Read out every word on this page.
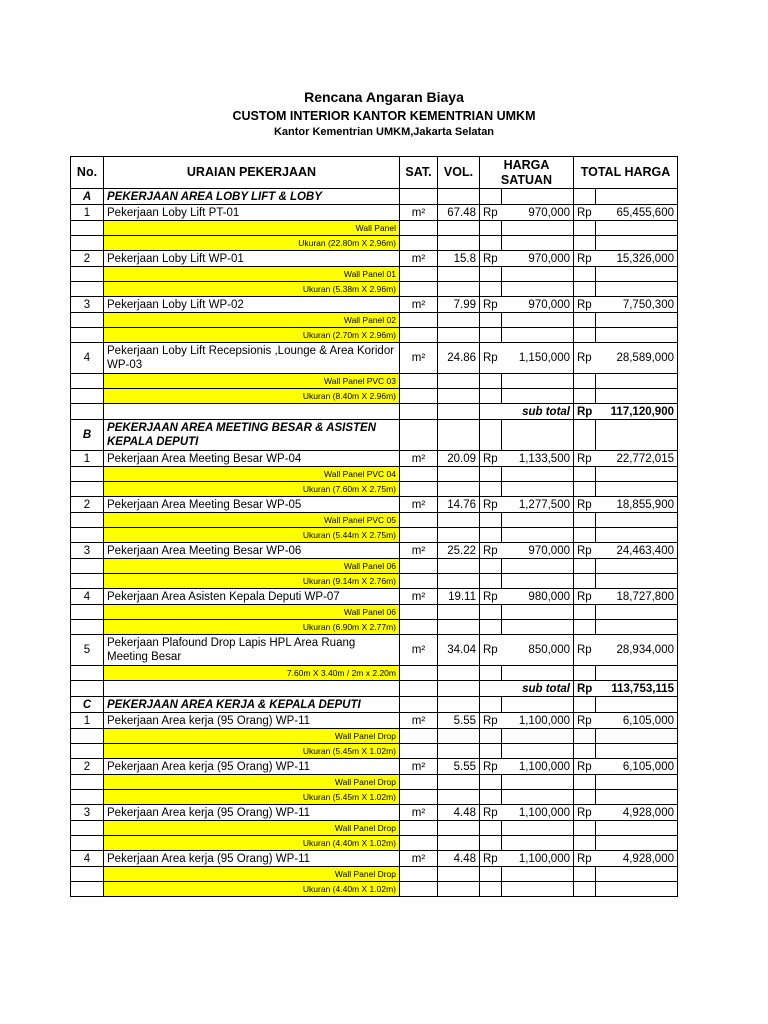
Rencana Angaran Biaya
CUSTOM INTERIOR KANTOR KEMENTRIAN UMKM
Kantor Kementrian UMKM,Jakarta Selatan
No.	URAIAN PEKERJAAN	SAT.	VOL.	HARGA SATUAN		TOTAL HARGA	
A	PEKERJAAN AREA LOBY LIFT & LOBY						
1	Pekerjaan Loby Lift PT-01	m²	67.48	Rp	970,000	Rp	65,455,600
	Wall Panel						
	Ukuran (22.80m X 2.96m)						
2	Pekerjaan Loby Lift WP-01	m²	15.8	Rp	970,000	Rp	15,326,000
	Wall Panel 01						
	Ukuran (5.38m X 2.96m)						
3	Pekerjaan Loby Lift WP-02	m²	7.99	Rp	970,000	Rp	7,750,300
	Wall Panel 02						
	Ukuran (2.70m X 2.96m)						
4	Pekerjaan Loby Lift Recepsionis ,Lounge & Area Koridor WP-03	m²	24.86	Rp	1,150,000	Rp	28,589,000
	Wall Panel PVC 03						
	Ukuran (8.40m X 2.96m)						
				sub total		Rp	117,120,900
B	PEKERJAAN AREA MEETING BESAR & ASISTEN KEPALA DEPUTI						
1	Pekerjaan Area Meeting Besar WP-04	m²	20.09	Rp	1,133,500	Rp	22,772,015
	Wall Panel PVC 04						
	Ukuran (7.60m X 2.75m)						
2	Pekerjaan Area Meeting Besar WP-05	m²	14.76	Rp	1,277,500	Rp	18,855,900
	Wall Panel PVC 05						
	Ukuran (5.44m X 2.75m)						
3	Pekerjaan Area Meeting Besar WP-06	m²	25.22	Rp	970,000	Rp	24,463,400
	Wall Panel 06						
	Ukuran (9.14m X 2.76m)						
4	Pekerjaan Area Asisten Kepala Deputi WP-07	m²	19.11	Rp	980,000	Rp	18,727,800
	Wall Panel 06						
	Ukuran (6.90m X 2.77m)						
5	Pekerjaan Plafound Drop Lapis HPL Area Ruang Meeting Besar	m²	34.04	Rp	850,000	Rp	28,934,000
	7.60m X 3.40m / 2m x 2.20m						
				sub total		Rp	113,753,115
C	PEKERJAAN AREA KERJA & KEPALA DEPUTI						
1	Pekerjaan Area kerja (95 Orang) WP-11	m²	5.55	Rp	1,100,000	Rp	6,105,000
	Wall Panel Drop						
	Ukuran (5.45m X 1.02m)						
2	Pekerjaan Area kerja (95 Orang) WP-11	m²	5.55	Rp	1,100,000	Rp	6,105,000
	Wall Panel Drop						
	Ukuran (5.45m X 1.02m)						
3	Pekerjaan Area kerja (95 Orang) WP-11	m²	4.48	Rp	1,100,000	Rp	4,928,000
	Wall Panel Drop						
	Ukuran (4.40m X 1.02m)						
4	Pekerjaan Area kerja (95 Orang) WP-11	m²	4.48	Rp	1,100,000	Rp	4,928,000
	Wall Panel Drop						
	Ukuran (4.40m X 1.02m)						
